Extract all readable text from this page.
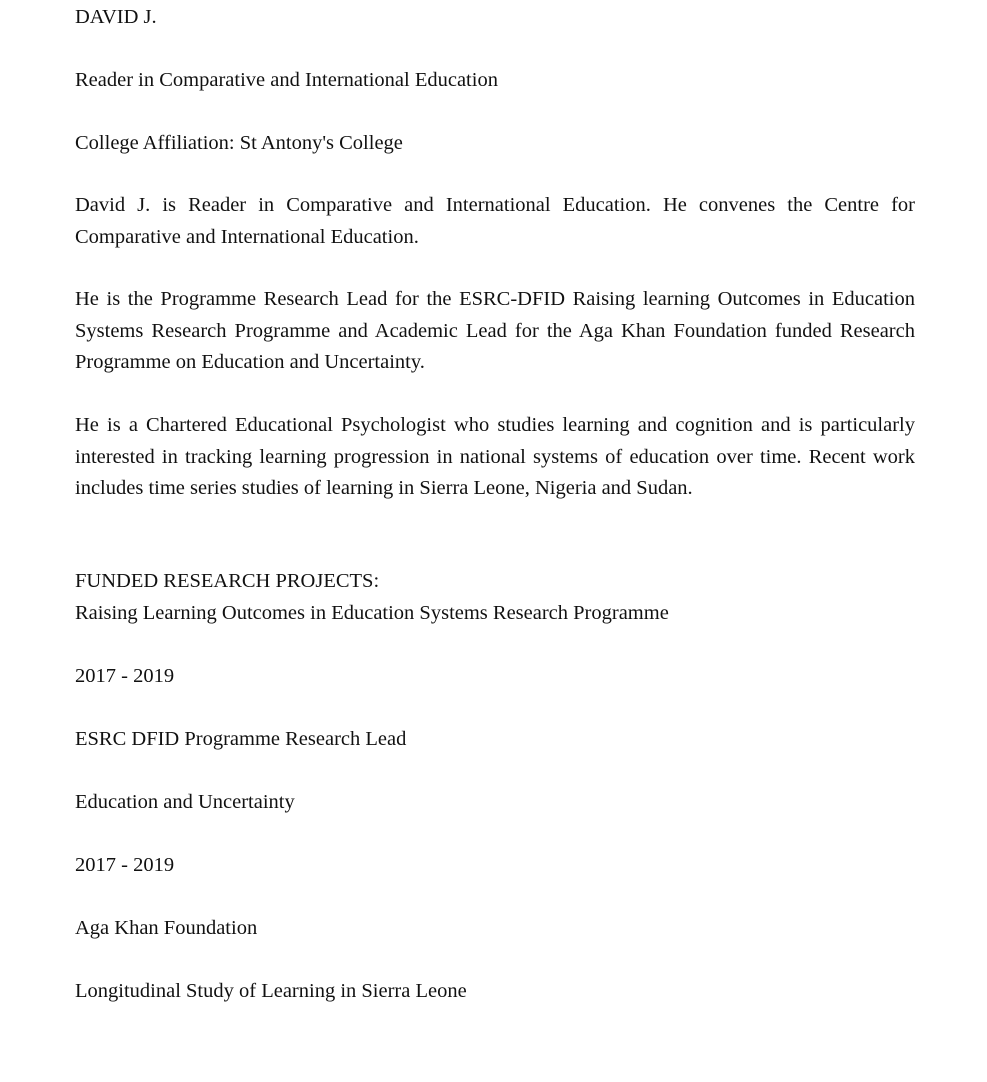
DAVID J.

Reader in Comparative and International Education

College Affiliation: St Antony's College

David J. is Reader in Comparative and International Education. He convenes the Centre for Comparative and International Education.

He is the Programme Research Lead for the ESRC-DFID Raising learning Outcomes in Education Systems Research Programme and Academic Lead for the Aga Khan Foundation funded Research Programme on Education and Uncertainty.

He is a Chartered Educational Psychologist who studies learning and cognition and is particularly interested in tracking learning progression in national systems of education over time. Recent work includes time series studies of learning in Sierra Leone, Nigeria and Sudan.

FUNDED RESEARCH PROJECTS:

Raising Learning Outcomes in Education Systems Research Programme

2017 - 2019

ESRC DFID Programme Research Lead

Education and Uncertainty

2017 - 2019

Aga Khan Foundation

Longitudinal Study of Learning in Sierra Leone
